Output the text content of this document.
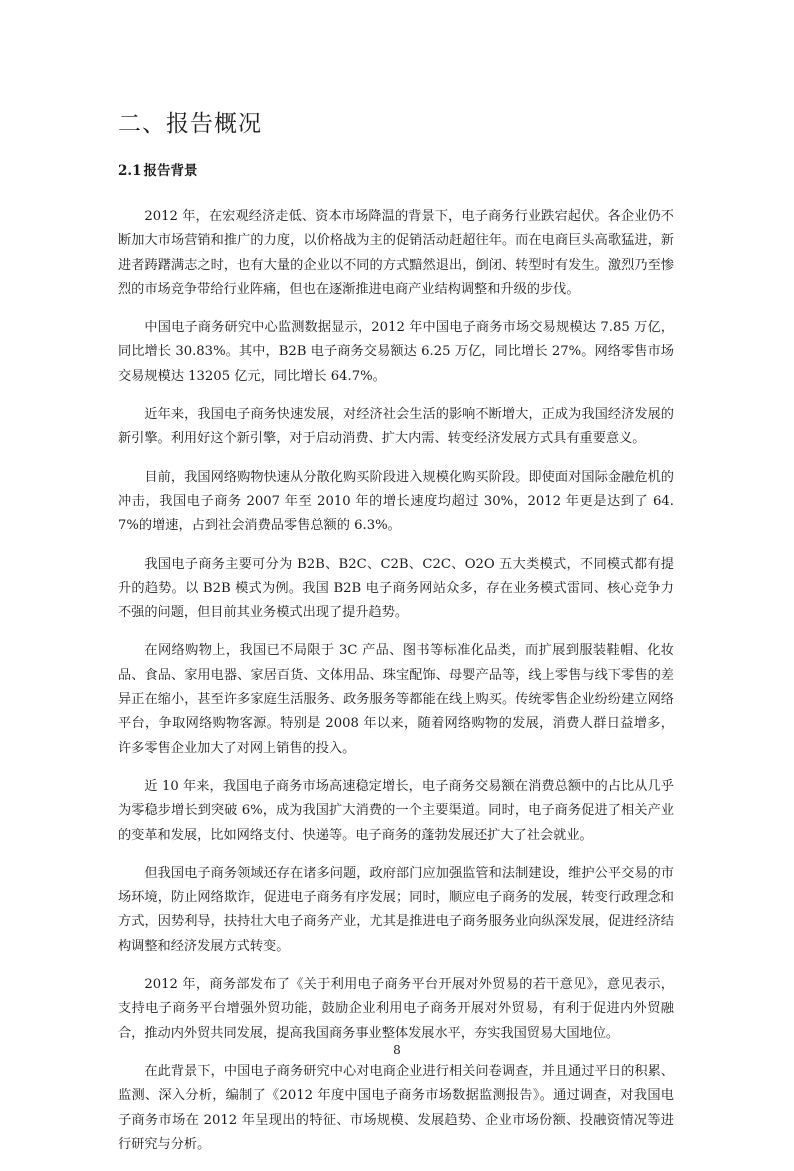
二、报告概况
2.1 报告背景

2012 年，在宏观经济走低、资本市场降温的背景下，电子商务行业跌宕起伏。各企业仍不断加大市场营销和推广的力度，以价格战为主的促销活动赶超往年。而在电商巨头高歌猛进，新进者踌躇满志之时，也有大量的企业以不同的方式黯然退出，倒闭、转型时有发生。激烈乃至惨烈的市场竞争带给行业阵痛，但也在逐渐推进电商产业结构调整和升级的步伐。

中国电子商务研究中心监测数据显示，2012 年中国电子商务市场交易规模达 7.85 万亿，同比增长 30.83%。其中，B2B 电子商务交易额达 6.25 万亿，同比增长 27%。网络零售市场交易规模达 13205 亿元，同比增长 64.7%。

近年来，我国电子商务快速发展，对经济社会生活的影响不断增大，正成为我国经济发展的新引擎。利用好这个新引擎，对于启动消费、扩大内需、转变经济发展方式具有重要意义。

目前，我国网络购物快速从分散化购买阶段进入规模化购买阶段。即使面对国际金融危机的冲击，我国电子商务 2007 年至 2010 年的增长速度均超过 30%，2012 年更是达到了 64.7%的增速，占到社会消费品零售总额的 6.3%。

我国电子商务主要可分为 B2B、B2C、C2B、C2C、O2O 五大类模式，不同模式都有提升的趋势。以 B2B 模式为例。我国 B2B 电子商务网站众多，存在业务模式雷同、核心竞争力不强的问题，但目前其业务模式出现了提升趋势。

在网络购物上，我国已不局限于 3C 产品、图书等标准化品类，而扩展到服装鞋帽、化妆品、食品、家用电器、家居百货、文体用品、珠宝配饰、母婴产品等，线上零售与线下零售的差异正在缩小，甚至许多家庭生活服务、政务服务等都能在线上购买。传统零售企业纷纷建立网络平台，争取网络购物客源。特别是 2008 年以来，随着网络购物的发展，消费人群日益增多，许多零售企业加大了对网上销售的投入。

近 10 年来，我国电子商务市场高速稳定增长，电子商务交易额在消费总额中的占比从几乎为零稳步增长到突破 6%，成为我国扩大消费的一个主要渠道。同时，电子商务促进了相关产业的变革和发展，比如网络支付、快递等。电子商务的蓬勃发展还扩大了社会就业。

但我国电子商务领域还存在诸多问题，政府部门应加强监管和法制建设，维护公平交易的市场环境，防止网络欺诈，促进电子商务有序发展；同时，顺应电子商务的发展，转变行政理念和方式，因势利导，扶持壮大电子商务产业，尤其是推进电子商务服务业向纵深发展，促进经济结构调整和经济发展方式转变。

2012 年，商务部发布了《关于利用电子商务平台开展对外贸易的若干意见》，意见表示，支持电子商务平台增强外贸功能，鼓励企业利用电子商务开展对外贸易，有利于促进内外贸融合，推动内外贸共同发展，提高我国商务事业整体发展水平，夯实我国贸易大国地位。

在此背景下，中国电子商务研究中心对电商企业进行相关问卷调查，并且通过平日的积累、监测、深入分析，编制了《2012 年度中国电子商务市场数据监测报告》。通过调查，对我国电子商务市场在 2012 年呈现出的特征、市场规模、发展趋势、企业市场份额、投融资情况等进行研究与分析。

8
